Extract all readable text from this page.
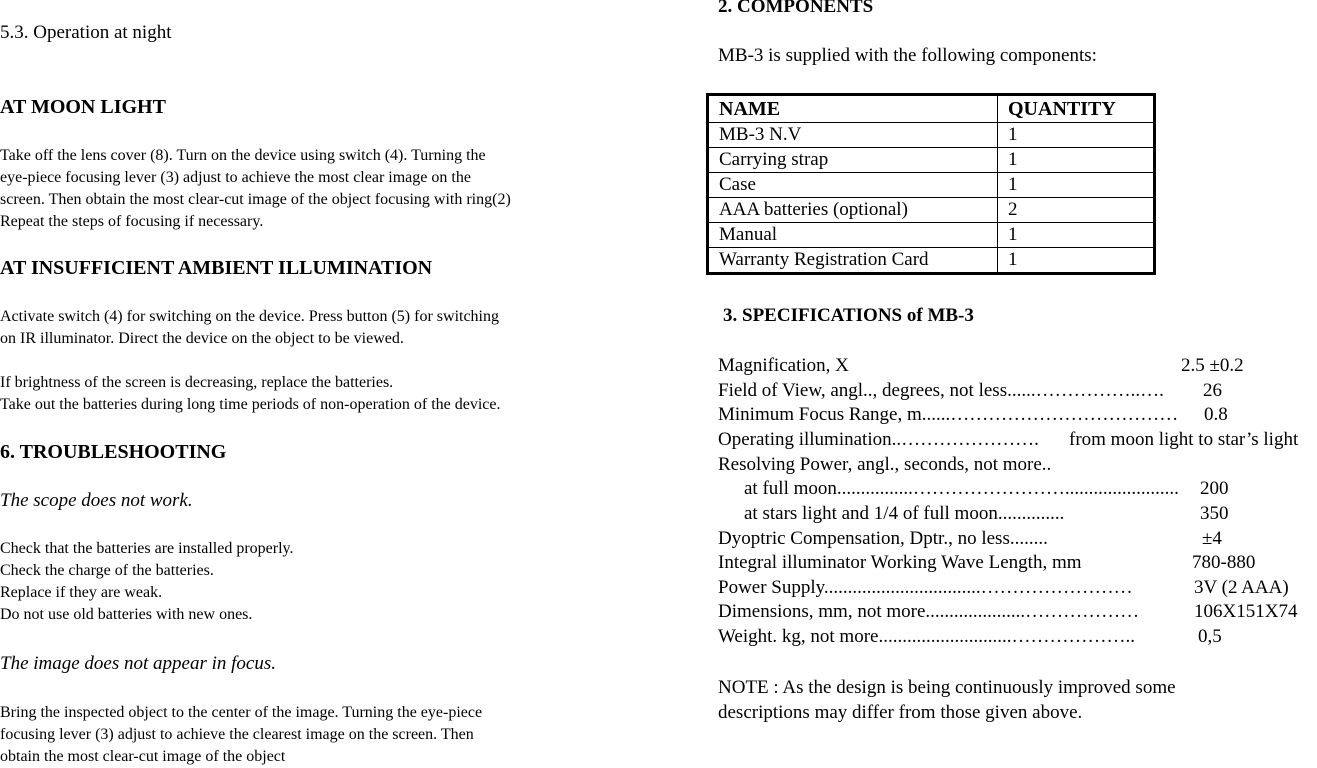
5.3. Operation at night
AT MOON LIGHT
Take off the lens cover (8). Turn on the device using switch (4). Turning the
eye-piece focusing lever (3) adjust to achieve the most clear image on the
screen. Then obtain the most clear-cut image of the object focusing with ring(2)
Repeat the steps of focusing if necessary.
AT INSUFFICIENT AMBIENT ILLUMINATION
Activate switch (4) for switching on the device. Press button (5) for switching
on IR illuminator. Direct the device on the object to be viewed.
If brightness of the screen is decreasing, replace the batteries.
Take out the batteries during long time periods of non-operation of the device.
6. TROUBLESHOOTING
The scope does not work.
Check that the batteries are installed properly.
Check the charge of the batteries.
Replace if they are weak.
Do not use old batteries with new ones.
The image does not appear in focus.
Bring the inspected object to the center of the image. Turning the eye-piece
focusing lever (3) adjust to achieve the clearest image on the screen. Then
obtain the most clear-cut image of the object
2. COMPONENTS
MB-3 is supplied with the following components:
NAME	QUANTITY
MB-3 N.V	1
Carrying strap	1
Case	1
AAA batteries (optional)	2
Manual	1
Warranty Registration Card	1
3. SPECIFICATIONS of MB-3
Magnification, X	2.5 ±0.2
Field of View, angl.., degrees, not less......……………..…. 26
Minimum Focus Range, m......……………………………… 0.8
Operating illumination..…………………. from moon light to star’s light
Resolving Power, angl., seconds, not more..
at full moon................……………………........................ 200
at stars light and 1/4 of full moon..............	350
Dyoptric Compensation, Dptr., no less........	±4
Integral illuminator Working Wave Length, mm	780-880
Power Supply.................................……………………	3V (2 AAA)
Dimensions, mm, not more.....................………………	106X151X74
Weight. kg, not more............................………………..	0,5
NOTE : As the design is being continuously improved some
descriptions may differ from those given above.
